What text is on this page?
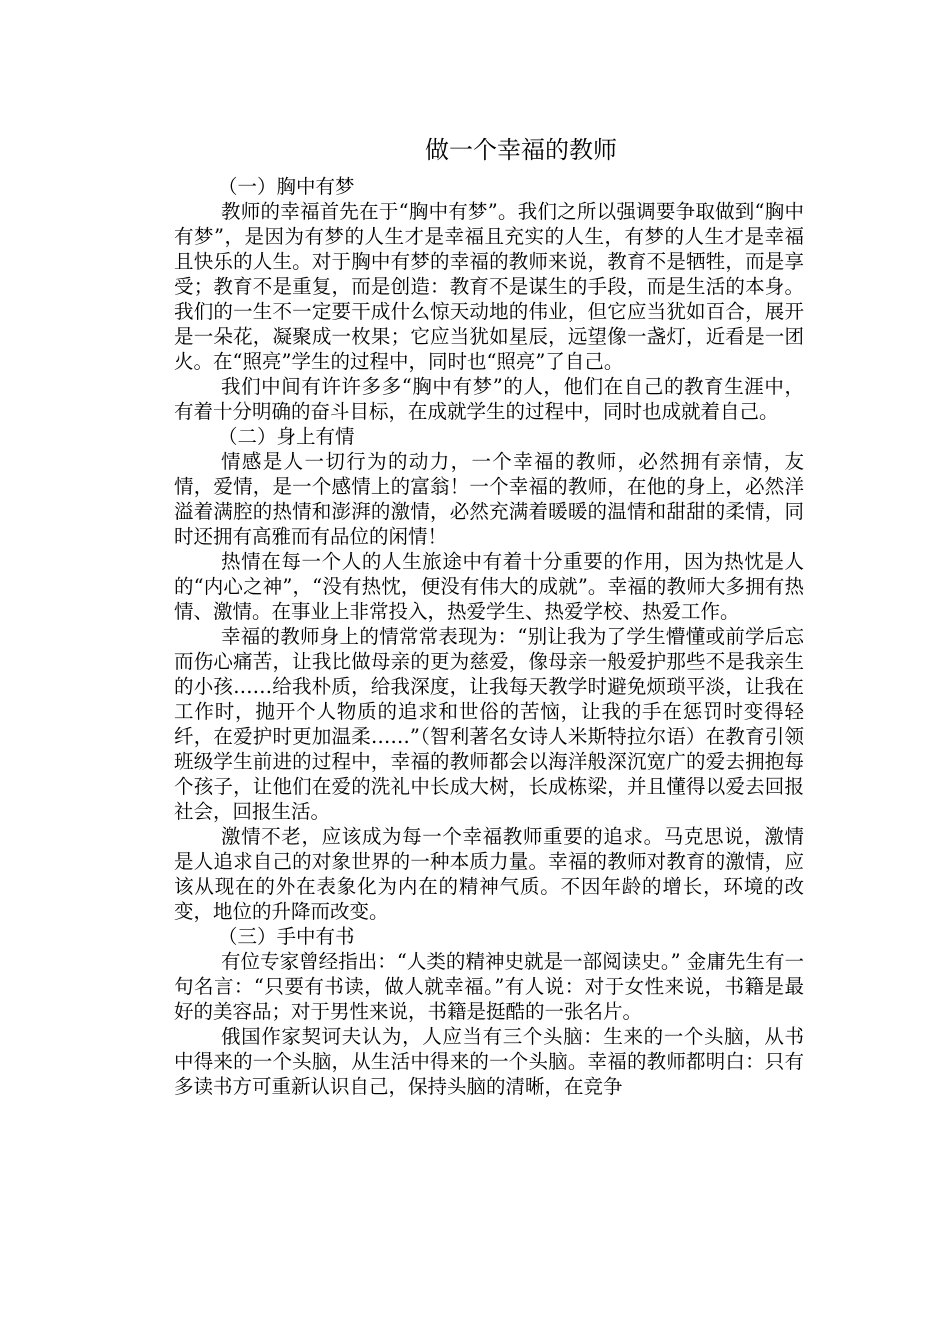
做一个幸福的教师

（一）胸中有梦

教师的幸福首先在于“胸中有梦”。我们之所以强调要争取做到“胸中有梦”，是因为有梦的人生才是幸福且充实的人生，有梦的人生才是幸福且快乐的人生。对于胸中有梦的幸福的教师来说，教育不是牺牲，而是享受；教育不是重复，而是创造：教育不是谋生的手段，而是生活的本身。我们的一生不一定要干成什么惊天动地的伟业，但它应当犹如百合，展开是一朵花，凝聚成一枚果；它应当犹如星辰，远望像一盏灯，近看是一团火。在“照亮”学生的过程中，同时也“照亮”了自己。

我们中间有许许多多“胸中有梦”的人，他们在自己的教育生涯中，有着十分明确的奋斗目标，在成就学生的过程中，同时也成就着自己。

（二）身上有情

情感是人一切行为的动力，一个幸福的教师，必然拥有亲情，友情，爱情，是一个感情上的富翁！一个幸福的教师，在他的身上，必然洋溢着满腔的热情和澎湃的激情，必然充满着暖暖的温情和甜甜的柔情，同时还拥有高雅而有品位的闲情！

热情在每一个人的人生旅途中有着十分重要的作用，因为热忱是人的“内心之神”，“没有热忱，便没有伟大的成就”。幸福的教师大多拥有热情、激情。在事业上非常投入，热爱学生、热爱学校、热爱工作。

幸福的教师身上的情常常表现为：“别让我为了学生懵懂或前学后忘而伤心痛苦，让我比做母亲的更为慈爱，像母亲一般爱护那些不是我亲生的小孩……给我朴质，给我深度，让我每天教学时避免烦琐平淡，让我在工作时，抛开个人物质的追求和世俗的苦恼，让我的手在惩罚时变得轻纤，在爱护时更加温柔……”（智利著名女诗人米斯特拉尔语）在教育引领班级学生前进的过程中，幸福的教师都会以海洋般深沉宽广的爱去拥抱每个孩子，让他们在爱的洗礼中长成大树，长成栋梁，并且懂得以爱去回报社会，回报生活。

激情不老，应该成为每一个幸福教师重要的追求。马克思说，激情是人追求自己的对象世界的一种本质力量。幸福的教师对教育的激情，应该从现在的外在表象化为内在的精神气质。不因年龄的增长，环境的改变，地位的升降而改变。

（三）手中有书

有位专家曾经指出：“人类的精神史就是一部阅读史。” 金庸先生有一句名言：“只要有书读，做人就幸福。”有人说：对于女性来说，书籍是最好的美容品；对于男性来说，书籍是挺酷的一张名片。

俄国作家契诃夫认为，人应当有三个头脑：生来的一个头脑，从书中得来的一个头脑，从生活中得来的一个头脑。幸福的教师都明白：只有多读书方可重新认识自己，保持头脑的清晰，在竞争
